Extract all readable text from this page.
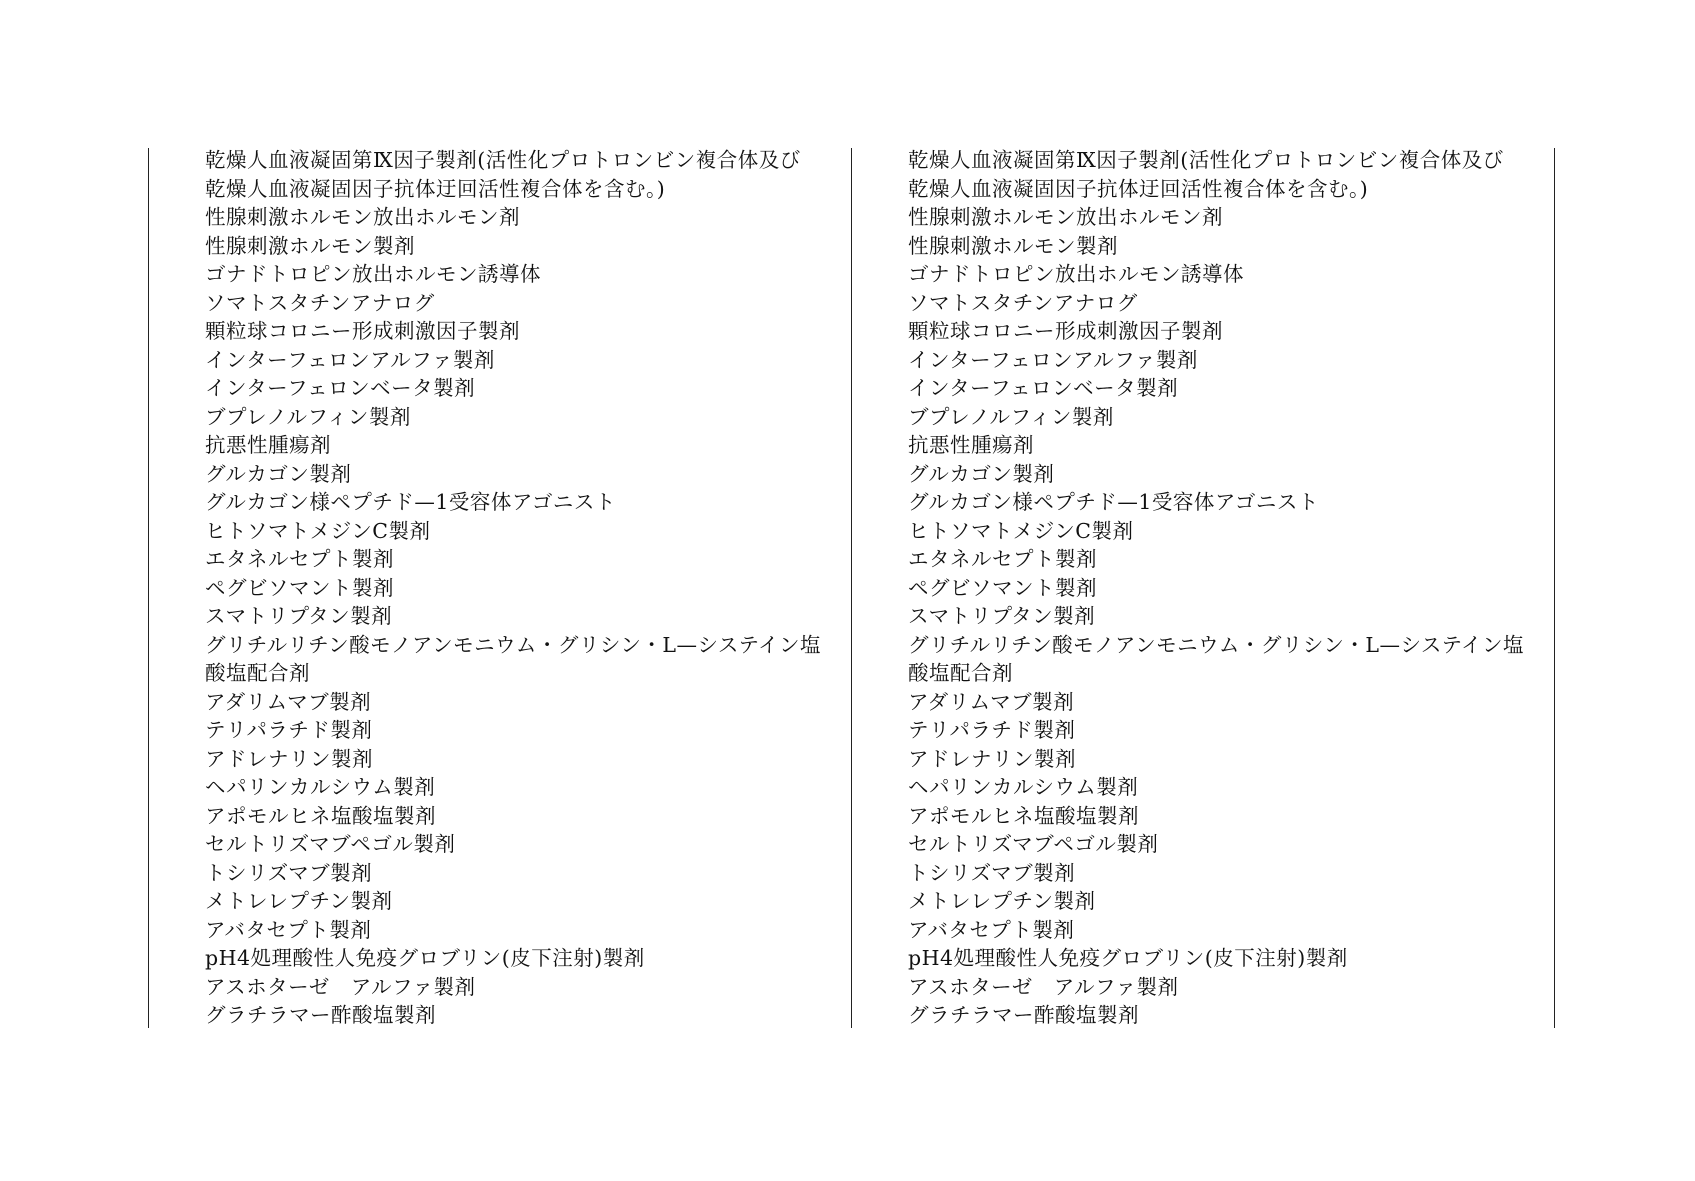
乾燥人血液凝固第Ⅸ因子製剤(活性化プロトロンビン複合体及び
乾燥人血液凝固因子抗体迂回活性複合体を含む。)
性腺刺激ホルモン放出ホルモン剤
性腺刺激ホルモン製剤
ゴナドトロピン放出ホルモン誘導体
ソマトスタチンアナログ
顆粒球コロニー形成刺激因子製剤
インターフェロンアルファ製剤
インターフェロンベータ製剤
ブプレノルフィン製剤
抗悪性腫瘍剤
グルカゴン製剤
グルカゴン様ペプチド—1受容体アゴニスト
ヒトソマトメジンC製剤
エタネルセプト製剤
ペグビソマント製剤
スマトリプタン製剤
グリチルリチン酸モノアンモニウム・グリシン・L—システイン塩
酸塩配合剤
アダリムマブ製剤
テリパラチド製剤
アドレナリン製剤
ヘパリンカルシウム製剤
アポモルヒネ塩酸塩製剤
セルトリズマブペゴル製剤
トシリズマブ製剤
メトレレプチン製剤
アバタセプト製剤
pH4処理酸性人免疫グロブリン(皮下注射)製剤
アスホターゼ　アルファ製剤
グラチラマー酢酸塩製剤
乾燥人血液凝固第Ⅸ因子製剤(活性化プロトロンビン複合体及び
乾燥人血液凝固因子抗体迂回活性複合体を含む。)
性腺刺激ホルモン放出ホルモン剤
性腺刺激ホルモン製剤
ゴナドトロピン放出ホルモン誘導体
ソマトスタチンアナログ
顆粒球コロニー形成刺激因子製剤
インターフェロンアルファ製剤
インターフェロンベータ製剤
ブプレノルフィン製剤
抗悪性腫瘍剤
グルカゴン製剤
グルカゴン様ペプチド—1受容体アゴニスト
ヒトソマトメジンC製剤
エタネルセプト製剤
ペグビソマント製剤
スマトリプタン製剤
グリチルリチン酸モノアンモニウム・グリシン・L—システイン塩
酸塩配合剤
アダリムマブ製剤
テリパラチド製剤
アドレナリン製剤
ヘパリンカルシウム製剤
アポモルヒネ塩酸塩製剤
セルトリズマブペゴル製剤
トシリズマブ製剤
メトレレプチン製剤
アバタセプト製剤
pH4処理酸性人免疫グロブリン(皮下注射)製剤
アスホターゼ　アルファ製剤
グラチラマー酢酸塩製剤
